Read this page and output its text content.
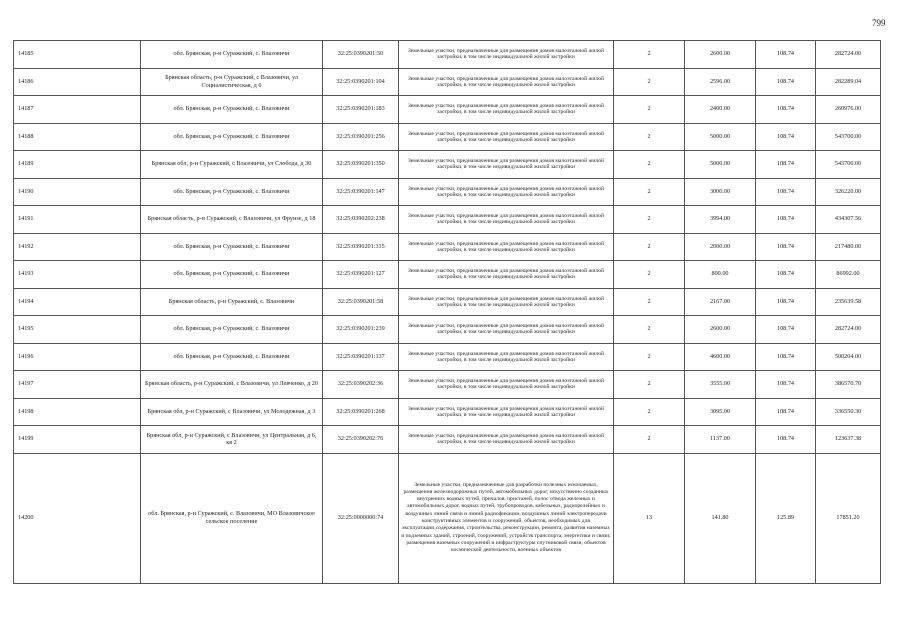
799
14185	обл. Брянская, р-н Суражский, с. Влазовичи	32:25:0390201:50	Земельные участки, предназначенные для размещения домов малоэтажной жилой застройки, в том числе индивидуальной жилой застройки	2	2600.00	108.74	282724.00
14186	Брянская область, р-н Суражский, с Влазовичи, ул Социалистическая, д 6	32:25:0390201:104	Земельные участки, предназначенные для размещения домов малоэтажной жилой застройки, в том числе индивидуальной жилой застройки	2	2596.00	108.74	282289.04
14187	обл. Брянская, р-н Суражский, с. Влазовичи	32:25:0390201:183	Земельные участки, предназначенные для размещения домов малоэтажной жилой застройки, в том числе индивидуальной жилой застройки	2	2400.00	108.74	260976.00
14188	обл. Брянская, р-н Суражский, с. Влазовичи	32:25:0390201:256	Земельные участки, предназначенные для размещения домов малоэтажной жилой застройки, в том числе индивидуальной жилой застройки	2	5000.00	108.74	543700.00
14189	Брянская обл, р-н Суражский, с Влазовичи, ул Слобода, д 30	32:25:0390201:350	Земельные участки, предназначенные для размещения домов малоэтажной жилой застройки, в том числе индивидуальной жилой застройки	2	5000.00	108.74	543700.00
14190	обл. Брянская, р-н Суражский, с. Влазовичи	32:25:0390201:147	Земельные участки, предназначенные для размещения домов малоэтажной жилой застройки, в том числе индивидуальной жилой застройки	2	3000.00	108.74	326220.00
14191	Брянская область, р-н Суражский, с Влазовичи, ул Фрунзе, д 18	32:25:0390202:238	Земельные участки, предназначенные для размещения домов малоэтажной жилой застройки, в том числе индивидуальной жилой застройки	2	3994.00	108.74	434307.56
14192	обл. Брянская, р-н Суражский, с. Влазовичи	32:25:0390201:315	Земельные участки, предназначенные для размещения домов малоэтажной жилой застройки, в том числе индивидуальной жилой застройки	2	2000.00	108.74	217480.00
14193	обл. Брянская, р-н Суражский, с. Влазовичи	32:25:0390201:127	Земельные участки, предназначенные для размещения домов малоэтажной жилой застройки, в том числе индивидуальной жилой застройки	2	800.00	108.74	86992.00
14194	Брянская область, р-н Суражский, с. Влазовичи	32:25:0390201:58	Земельные участки, предназначенные для размещения домов малоэтажной жилой застройки, в том числе индивидуальной жилой застройки	2	2167.00	108.74	235639.58
14195	обл. Брянская, р-н Суражский, с. Влазовичи	32:25:0390201:239	Земельные участки, предназначенные для размещения домов малоэтажной жилой застройки, в том числе индивидуальной жилой застройки	2	2600.00	108.74	282724.00
14196	обл. Брянская, р-н Суражский, с. Влазовичи	32:25:0390201:137	Земельные участки, предназначенные для размещения домов малоэтажной жилой застройки, в том числе индивидуальной жилой застройки	2	4600.00	108.74	500204.00
14197	Брянская область, р-н Суражский, с Влазовичи, ул Левченко, д 20	32:25:0390202:36	Земельные участки, предназначенные для размещения домов малоэтажной жилой застройки, в том числе индивидуальной жилой застройки	2	3555.00	108.74	386570.70
14198	Брянская обл, р-н Суражский, с Влазовичи, ул Молодежная, д 3	32:25:0390201:268	Земельные участки, предназначенные для размещения домов малоэтажной жилой застройки, в том числе индивидуальной жилой застройки	2	3095.00	108.74	336550.30
14199	Брянская обл, р-н Суражский, с Влазовичи, ул Центральная, д 6, кв 2	32:25:0390202:76	Земельные участки, предназначенные для размещения домов малоэтажной жилой застройки, в том числе индивидуальной жилой застройки	2	1137.00	108.74	123637.38
14200	обл. Брянская, р-н Суражский, с. Влазовичи, МО Влазовичское сельское поселение	32:25:0000000:74	Земельные участки, предназначенные для разработки полезных ископаемых, размещения железнодорожных путей, автомобильных дорог, искусственно созданных внутренних водных путей, причалов, пристаней, полос отвода железных и автомобильных дорог, водных путей, трубопроводов, кабельных, радиорелейных и воздушных линий связи и линий радиофикации, воздушных линий электропередачи конструктивных элементов и сооружений, объектов, необходимых для эксплуатации,содержания, строительства, реконструкции, ремонта, развития наземных и подземных зданий, строений, сооружений, устройств транспорта, энергетики и связи; размещения наземных сооружений и инфраструктуры спутниковой связи, объектов космической деятельности, военных объектов	13	141.80	125.89	17851.20
